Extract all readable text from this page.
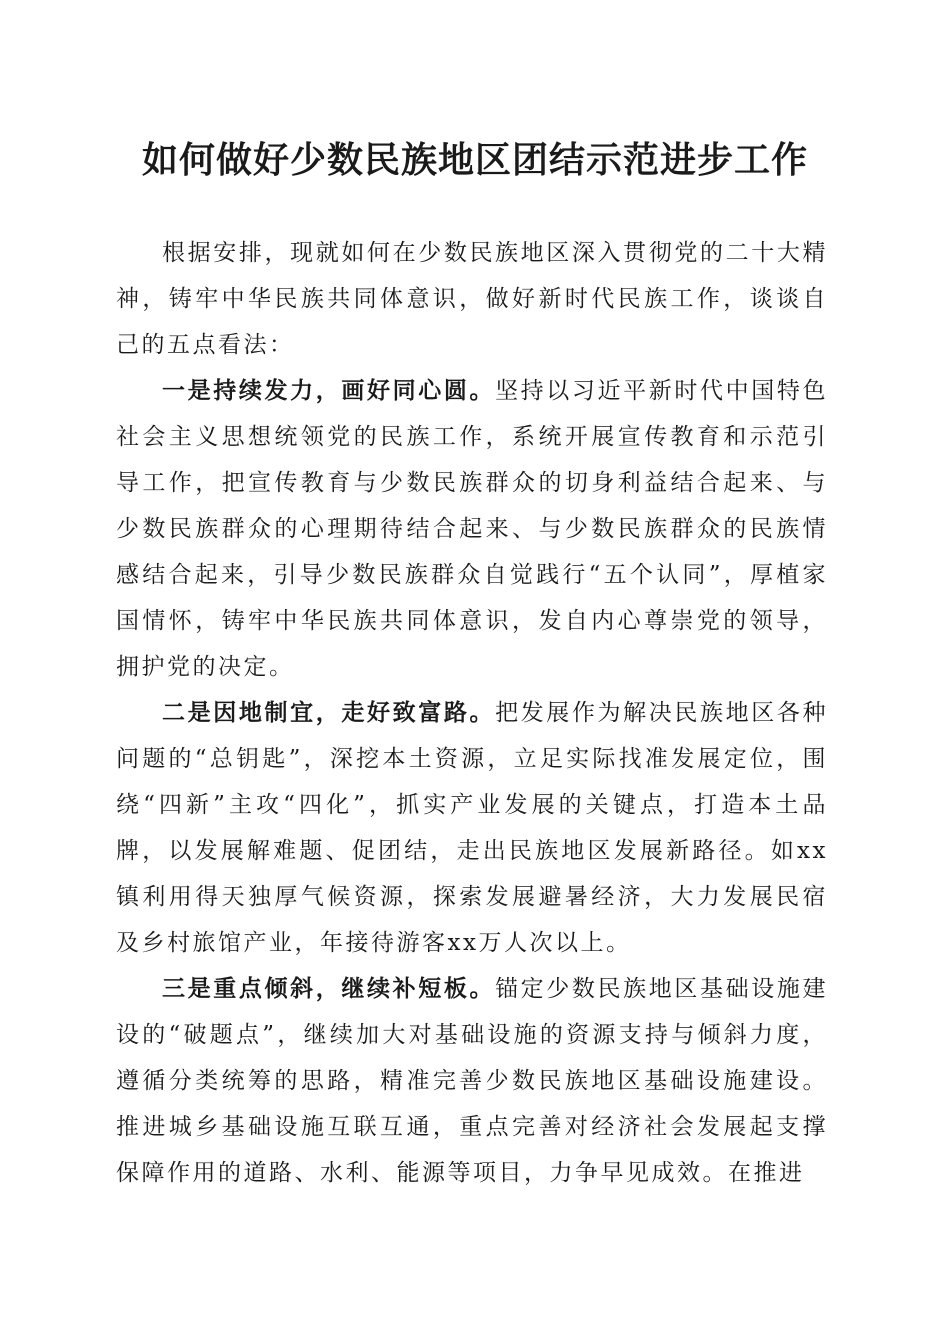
如何做好少数民族地区团结示范进步工作

根据安排，现就如何在少数民族地区深入贯彻党的二十大精神，铸牢中华民族共同体意识，做好新时代民族工作，谈谈自己的五点看法：

一是持续发力，画好同心圆。坚持以习近平新时代中国特色社会主义思想统领党的民族工作，系统开展宣传教育和示范引导工作，把宣传教育与少数民族群众的切身利益结合起来、与少数民族群众的心理期待结合起来、与少数民族群众的民族情感结合起来，引导少数民族群众自觉践行“五个认同”，厚植家国情怀，铸牢中华民族共同体意识，发自内心尊崇党的领导，拥护党的决定。

二是因地制宜，走好致富路。把发展作为解决民族地区各种问题的“总钥匙”，深挖本土资源，立足实际找准发展定位，围绕“四新”主攻“四化”，抓实产业发展的关键点，打造本土品牌，以发展解难题、促团结，走出民族地区发展新路径。如xx镇利用得天独厚气候资源，探索发展避暑经济，大力发展民宿及乡村旅馆产业，年接待游客xx万人次以上。

三是重点倾斜，继续补短板。锚定少数民族地区基础设施建设的“破题点”，继续加大对基础设施的资源支持与倾斜力度，遵循分类统筹的思路，精准完善少数民族地区基础设施建设。推进城乡基础设施互联互通，重点完善对经济社会发展起支撑保障作用的道路、水利、能源等项目，力争早见成效。在推进
